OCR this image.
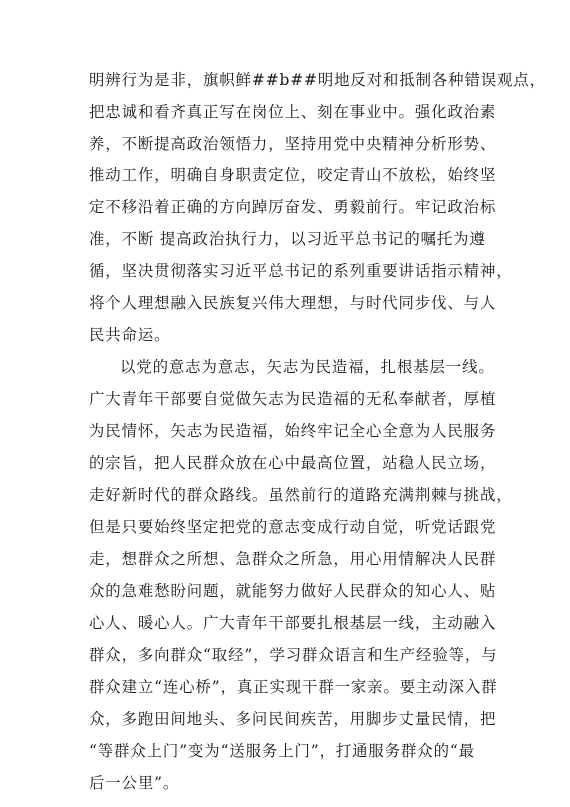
明辨行为是非，旗帜鲜##b##明地反对和抵制各种错误观点，
把忠诚和看齐真正写在岗位上、刻在事业中。强化政治素
养，不断提高政治领悟力，坚持用党中央精神分析形势、
推动工作，明确自身职责定位，咬定青山不放松，始终坚
定不移沿着正确的方向踔厉奋发、勇毅前行。牢记政治标
准，不断 提高政治执行力，以习近平总书记的嘱托为遵
循，坚决贯彻落实习近平总书记的系列重要讲话指示精神，
将个人理想融入民族复兴伟大理想，与时代同步伐、与人
民共命运。
以党的意志为意志，矢志为民造福，扎根基层一线。
广大青年干部要自觉做矢志为民造福的无私奉献者，厚植
为民情怀，矢志为民造福，始终牢记全心全意为人民服务
的宗旨，把人民群众放在心中最高位置，站稳人民立场，
走好新时代的群众路线。虽然前行的道路充满荆棘与挑战，
但是只要始终坚定把党的意志变成行动自觉，听党话跟党
走，想群众之所想、急群众之所急，用心用情解决人民群
众的急难愁盼问题，就能努力做好人民群众的知心人、贴
心人、暖心人。广大青年干部要扎根基层一线，主动融入
群众，多向群众“取经”，学习群众语言和生产经验等，与
群众建立“连心桥”，真正实现干群一家亲。要主动深入群
众，多跑田间地头、多问民间疾苦，用脚步丈量民情，把
“等群众上门”变为“送服务上门”，打通服务群众的“最
后一公里”。
